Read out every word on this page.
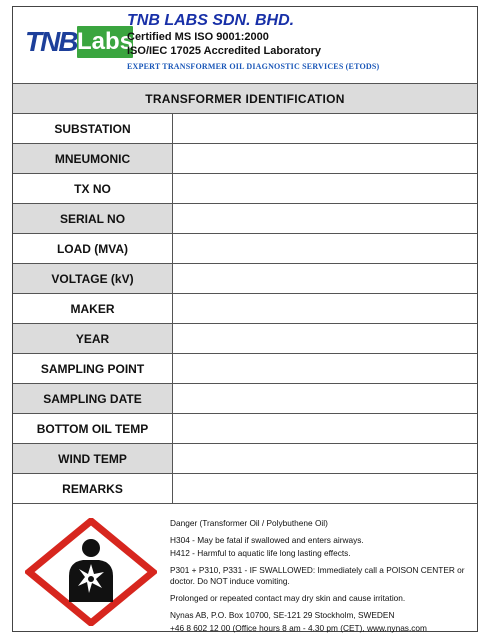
TNB Labs
TNB LABS SDN. BHD.
Certified MS ISO 9001:2000
ISO/IEC 17025 Accredited Laboratory
EXPERT TRANSFORMER OIL DIAGNOSTIC SERVICES (ETODS)
TRANSFORMER IDENTIFICATION
SUBSTATION
MNEUMONIC
TX NO
SERIAL NO
LOAD (MVA)
VOLTAGE (kV)
MAKER
YEAR
SAMPLING POINT
SAMPLING DATE
BOTTOM OIL TEMP
WIND TEMP
REMARKS

Danger (Transformer Oil / Polybuthene Oil)

H304 - May be fatal if swallowed and enters airways.

H412 - Harmful to aquatic life long lasting effects.

P301 + P310, P331 - IF SWALLOWED: Immediately call a POISON CENTER or doctor. Do NOT induce vomiting.

Prolonged or repeated contact may dry skin and cause irritation.

Nynas AB, P.O. Box 10700, SE-121 29 Stockholm, SWEDEN

+46 8 602 12 00 (Office hours 8 am - 4.30 pm (CET), www.nynas.com
